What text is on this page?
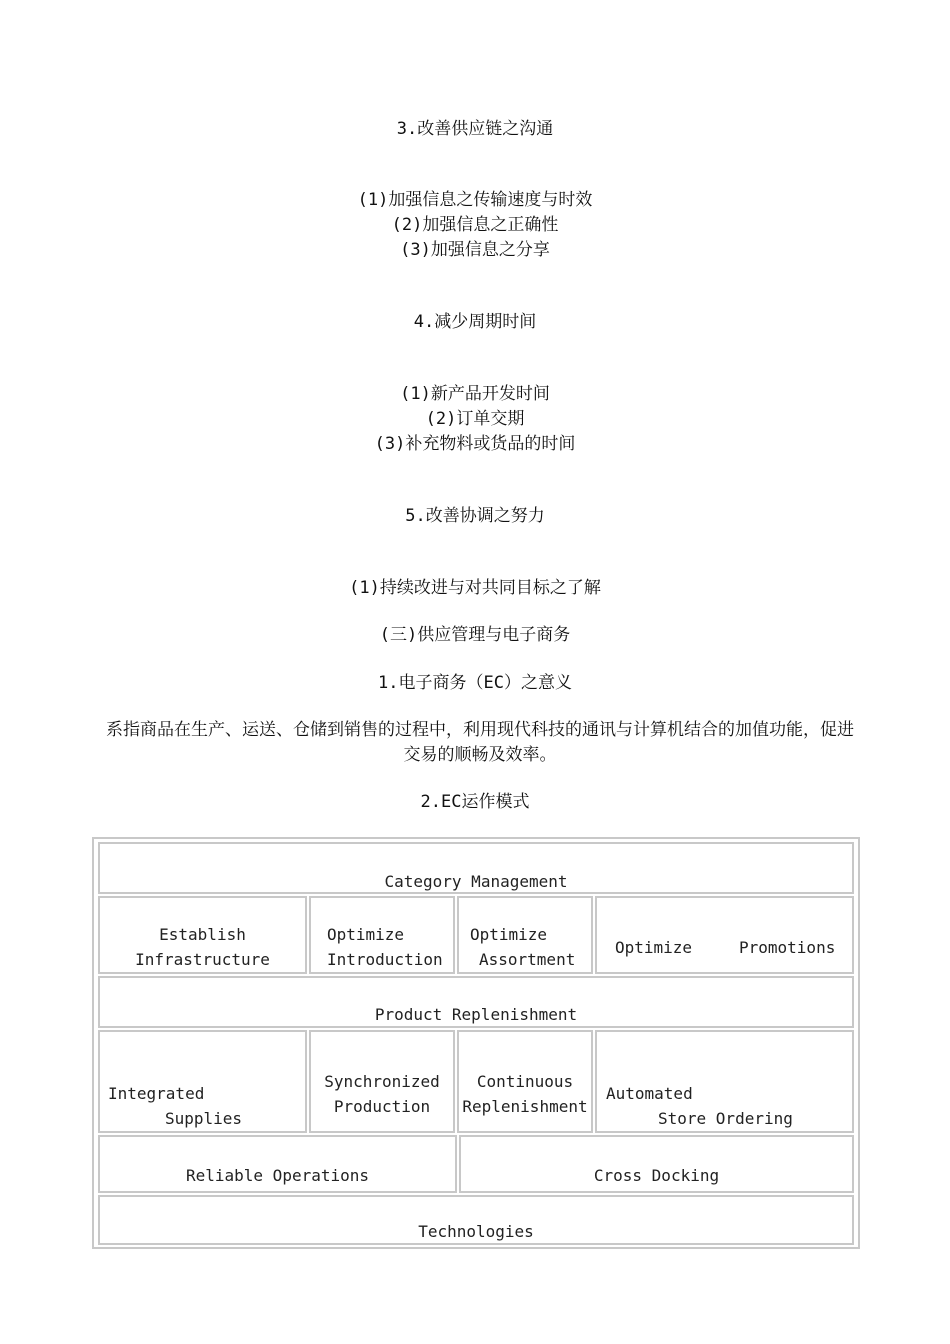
3.改善供应链之沟通
(1)加强信息之传输速度与时效
(2)加强信息之正确性
(3)加强信息之分享
4.减少周期时间
(1)新产品开发时间
(2)订单交期
(3)补充物料或货品的时间
5.改善协调之努力
(1)持续改进与对共同目标之了解
(三)供应管理与电子商务
1.电子商务（EC）之意义
系指商品在生产、运送、仓储到销售的过程中，利用现代科技的通讯与计算机结合的加值功能，促进交易的顺畅及效率。
2.EC运作模式

Category Management

Establish

Infrastructure

Optimize

Introduction

Optimize

Assortment

Optimize

	Promotions

Product Replenishment

Integrated

Supplies

Synchronized

Production

Continuous

Replenishment

Automated

Store Ordering

Reliable Operations

	Cross Docking

Technologies
